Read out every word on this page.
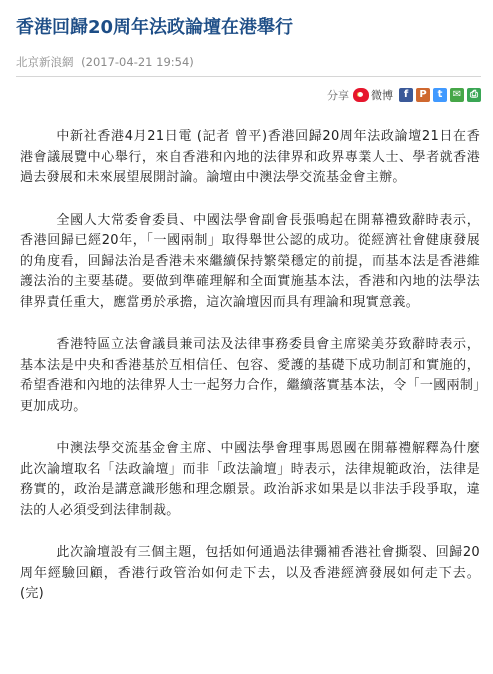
香港回歸20周年法政論壇在港舉行
北京新浪網 (2017-04-21 19:54)
分享 微博	f	P	t	✉ ⎙

中新社香港4月21日電 (記者 曾平)香港回歸20周年法政論壇21日在香港會議展覽中心舉行，來自香港和內地的法律界和政界專業人士、學者就香港過去發展和未來展望展開討論。論壇由中澳法學交流基金會主辦。

全國人大常委會委員、中國法學會副會長張鳴起在開幕禮致辭時表示，香港回歸已經20年，「一國兩制」取得舉世公認的成功。從經濟社會健康發展的角度看，回歸法治是香港未來繼續保持繁榮穩定的前提，而基本法是香港維護法治的主要基礎。要做到準確理解和全面實施基本法，香港和內地的法學法律界責任重大，應當勇於承擔，這次論壇因而具有理論和現實意義。

香港特區立法會議員兼司法及法律事務委員會主席梁美芬致辭時表示，基本法是中央和香港基於互相信任、包容、愛護的基礎下成功制訂和實施的，希望香港和內地的法律界人士一起努力合作，繼續落實基本法，令「一國兩制」更加成功。

中澳法學交流基金會主席、中國法學會理事馬恩國在開幕禮解釋為什麼此次論壇取名「法政論壇」而非「政法論壇」時表示，法律規範政治，法律是務實的，政治是講意識形態和理念願景。政治訴求如果是以非法手段爭取，違法的人必須受到法律制裁。

此次論壇設有三個主題，包括如何通過法律彌補香港社會撕裂、回歸20周年經驗回顧，香港行政管治如何走下去，以及香港經濟發展如何走下去。(完)
